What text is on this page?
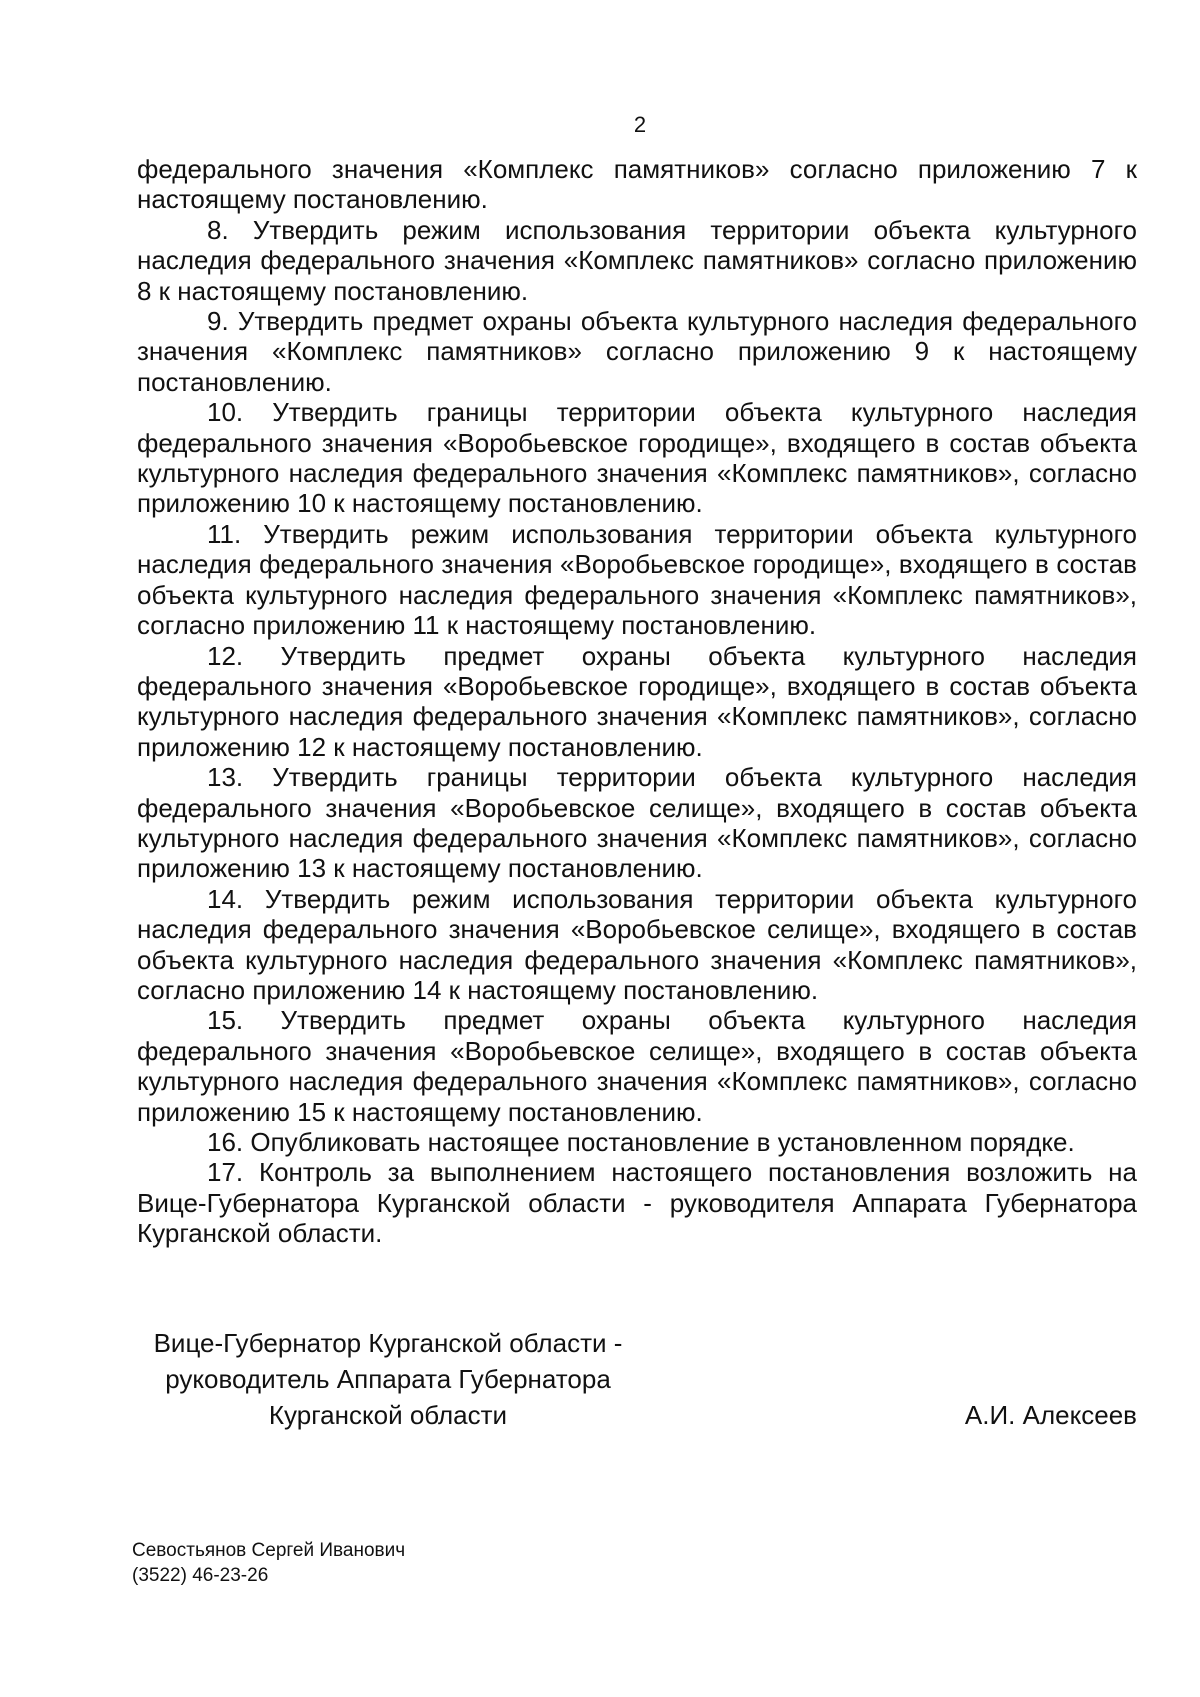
2

федерального значения «Комплекс памятников» согласно приложению 7 к настоящему постановлению.

8. Утвердить режим использования территории объекта культурного наследия федерального значения «Комплекс памятников» согласно приложению 8 к настоящему постановлению.

9. Утвердить предмет охраны объекта культурного наследия федерального значения «Комплекс памятников» согласно приложению 9 к настоящему постановлению.

10. Утвердить границы территории объекта культурного наследия федерального значения «Воробьевское городище», входящего в состав объекта культурного наследия федерального значения «Комплекс памятников», согласно приложению 10 к настоящему постановлению.

11. Утвердить режим использования территории объекта культурного наследия федерального значения «Воробьевское городище», входящего в состав объекта культурного наследия федерального значения «Комплекс памятников», согласно приложению 11 к настоящему постановлению.

12. Утвердить предмет охраны объекта культурного наследия федерального значения «Воробьевское городище», входящего в состав объекта культурного наследия федерального значения «Комплекс памятников», согласно приложению 12 к настоящему постановлению.

13. Утвердить границы территории объекта культурного наследия федерального значения «Воробьевское селище», входящего в состав объекта культурного наследия федерального значения «Комплекс памятников», согласно приложению 13 к настоящему постановлению.

14. Утвердить режим использования территории объекта культурного наследия федерального значения «Воробьевское селище», входящего в состав объекта культурного наследия федерального значения «Комплекс памятников», согласно приложению 14 к настоящему постановлению.

15. Утвердить предмет охраны объекта культурного наследия федерального значения «Воробьевское селище», входящего в состав объекта культурного наследия федерального значения «Комплекс памятников», согласно приложению 15 к настоящему постановлению.

16. Опубликовать настоящее постановление в установленном порядке.

17. Контроль за выполнением настоящего постановления возложить на Вице-Губернатора Курганской области - руководителя Аппарата Губернатора Курганской области.

Вице-Губернатор Курганской области -
руководитель Аппарата Губернатора
Курганской области	А.И. Алексеев
Севостьянов Сергей Иванович
(3522) 46-23-26
